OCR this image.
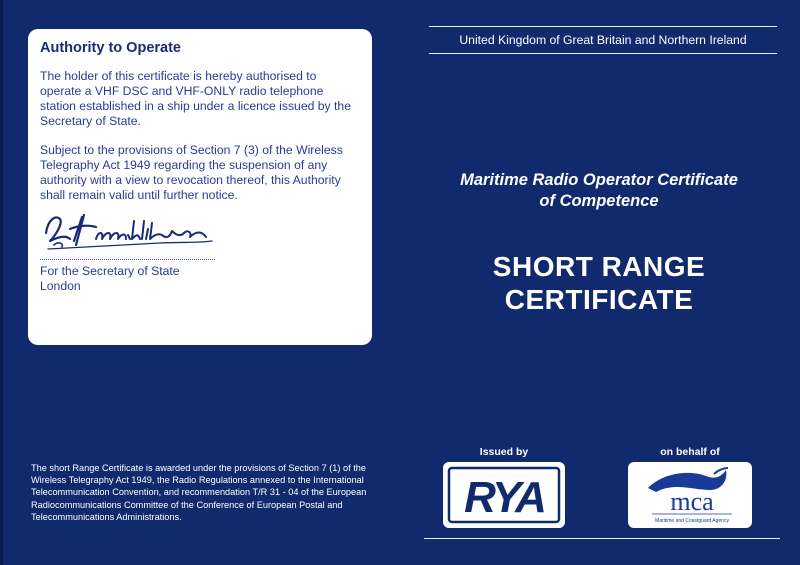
Authority to Operate

The holder of this certificate is hereby authorised to operate a VHF DSC and VHF-ONLY radio telephone station established in a ship under a licence issued by the Secretary of State.

Subject to the provisions of Section 7 (3) of the Wireless Telegraphy Act 1949 regarding the suspension of any authority with a view to revocation thereof, this Authority shall remain valid until further notice.

For the Secretary of State
London
The short Range Certificate is awarded under the provisions of Section 7 (1) of the Wireless Telegraphy Act 1949, the Radio Regulations annexed to the International Telecommunication Convention, and recommendation T/R 31 - 04 of the European Radiocommunications Committee of the Conference of European Postal and Telecommunications Administrations.
United Kingdom of Great Britain and Northern Ireland
Maritime Radio Operator Certificate
of Competence
SHORT RANGE
CERTIFICATE
Issued by	on behalf of
RYA	mca
Maritime and Coastguard Agency
